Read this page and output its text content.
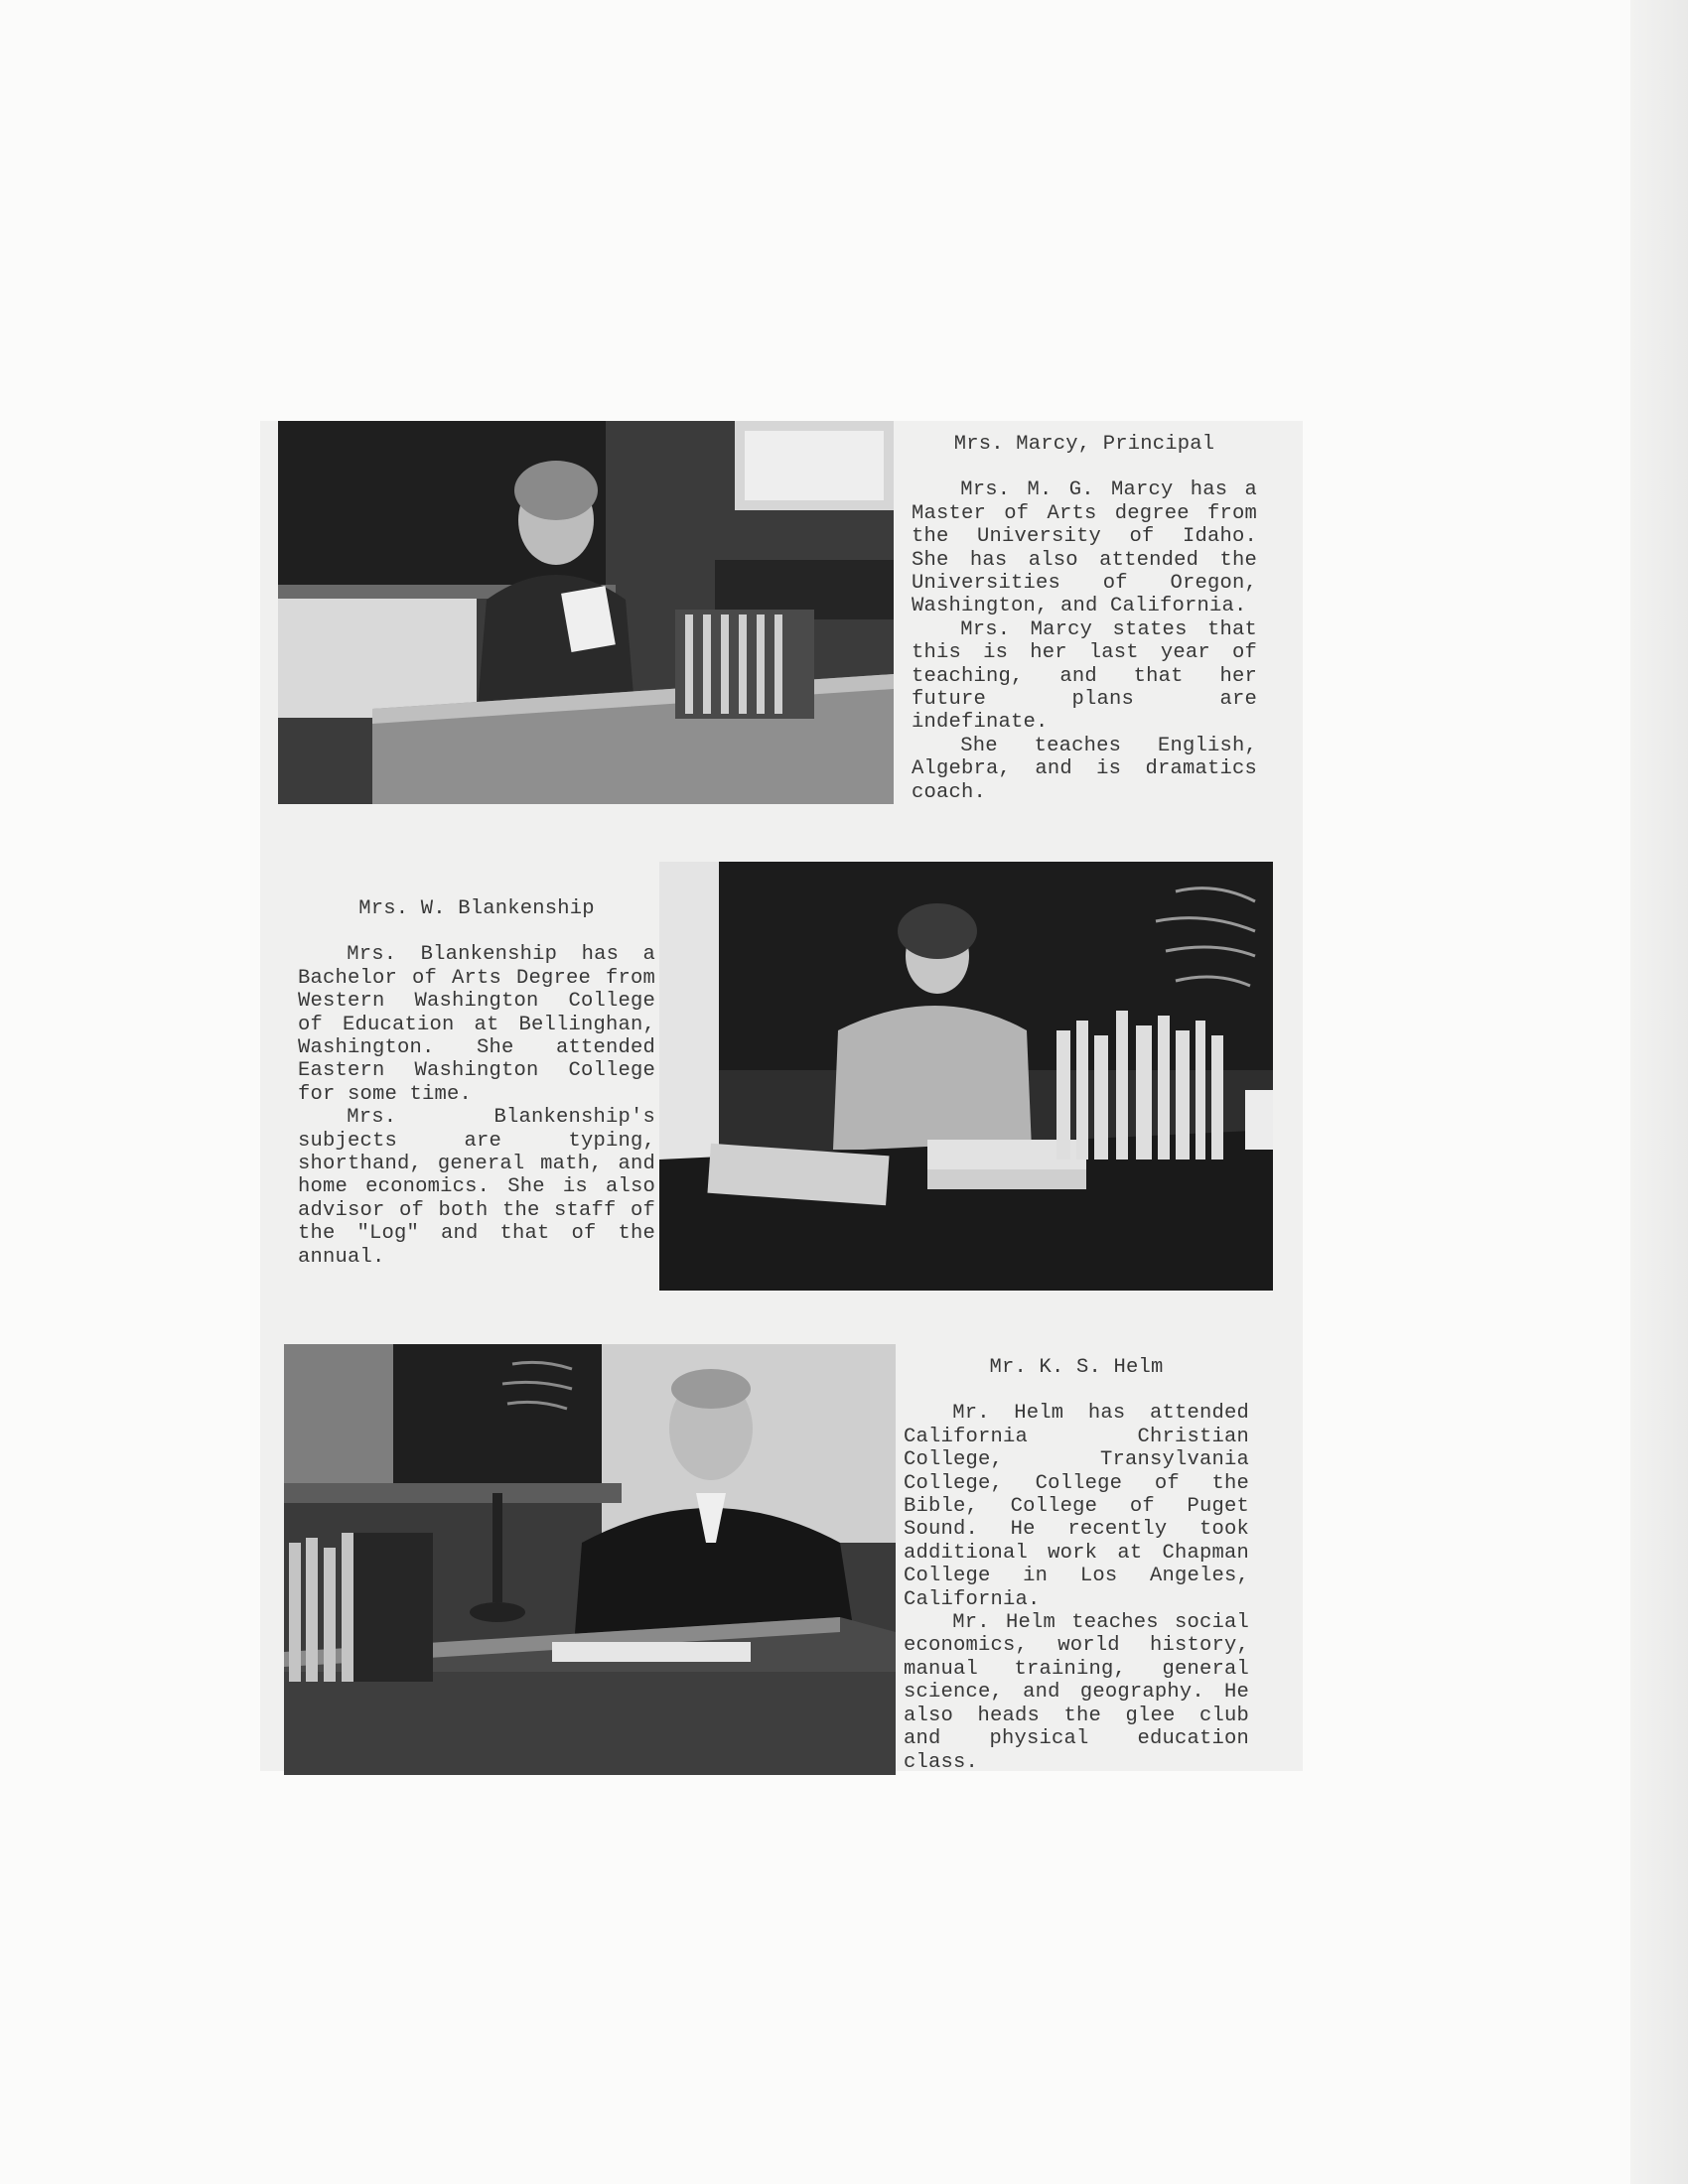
Mrs. Marcy, Principal

Mrs. M. G. Marcy has a Master of Arts degree from the University of Idaho. She has also attended the Universities of Oregon, Washington, and California.

Mrs. Marcy states that this is her last year of teaching, and that her future plans are indefinate.

She teaches English, Algebra, and is dramatics coach.

Mrs. W. Blankenship

Mrs. Blankenship has a Bachelor of Arts Degree from Western Washington College of Education at Bellinghan, Washington. She attended Eastern Washington College for some time.

Mrs. Blankenship's subjects are typing, shorthand, general math, and home economics. She is also advisor of both the staff of the "Log" and that of the annual.

Mr. K. S. Helm

Mr. Helm has attended California Christian College, Transylvania College, College of the Bible, College of Puget Sound. He recently took additional work at Chapman College in Los Angeles, California.

Mr. Helm teaches social economics, world history, manual training, general science, and geography. He also heads the glee club and physical education class.
